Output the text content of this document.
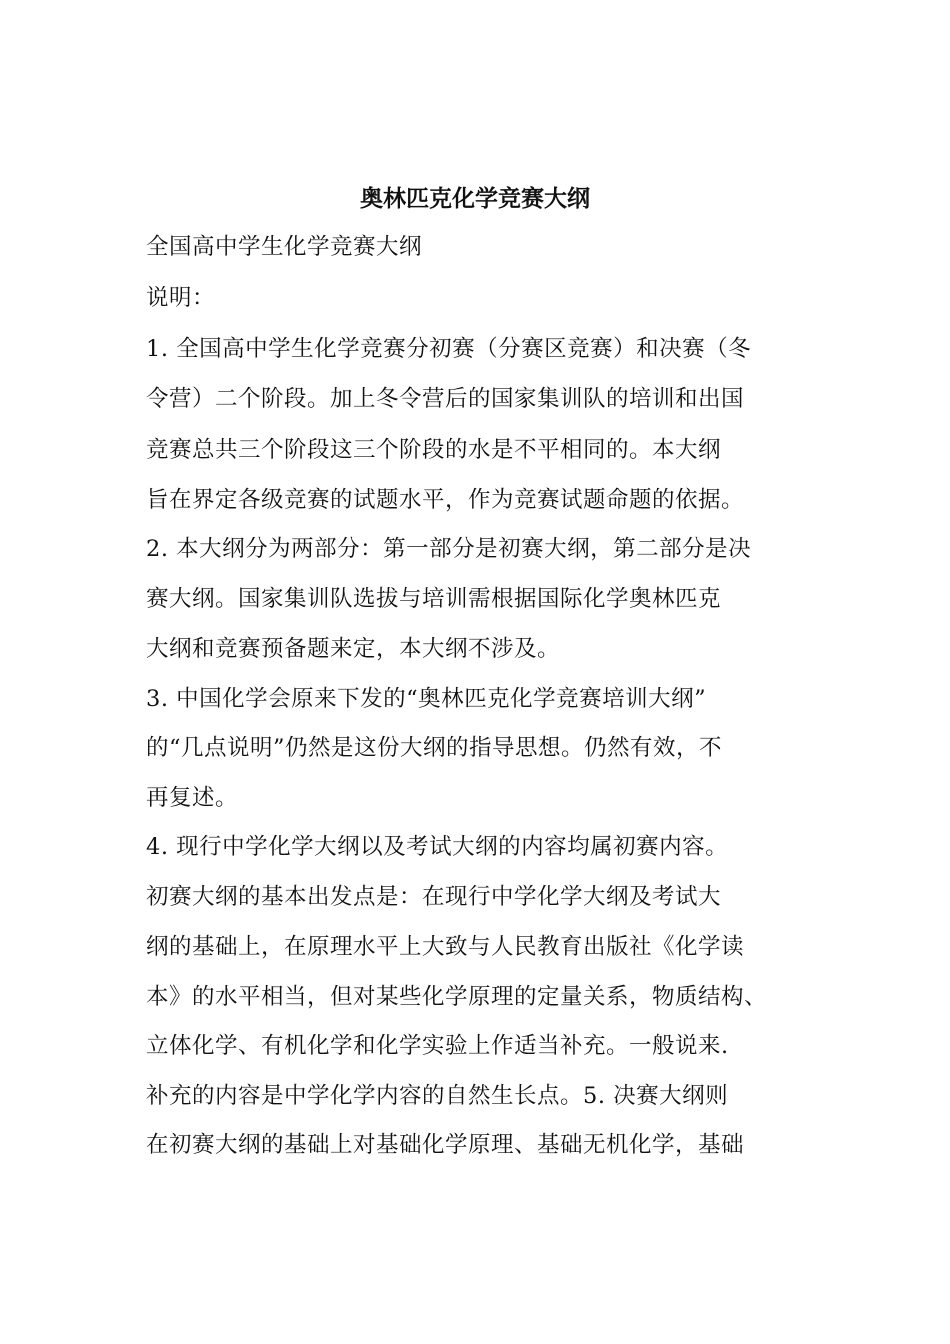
奥林匹克化学竞赛大纲
全国高中学生化学竞赛大纲
说明：
1. 全国高中学生化学竞赛分初赛（分赛区竞赛）和决赛（冬
令营）二个阶段。加上冬令营后的国家集训队的培训和出国
竞赛总共三个阶段这三个阶段的水是不平相同的。本大纲
旨在界定各级竞赛的试题水平，作为竞赛试题命题的依据。
2. 本大纲分为两部分：第一部分是初赛大纲，第二部分是决
赛大纲。国家集训队选拔与培训需根据国际化学奥林匹克
大纲和竞赛预备题来定，本大纲不涉及。
3. 中国化学会原来下发的“奥林匹克化学竞赛培训大纲”
的“几点说明”仍然是这份大纲的指导思想。仍然有效，不
再复述。
4. 现行中学化学大纲以及考试大纲的内容均属初赛内容。
初赛大纲的基本出发点是：在现行中学化学大纲及考试大
纲的基础上，在原理水平上大致与人民教育出版社《化学读
本》的水平相当，但对某些化学原理的定量关系，物质结构、
立体化学、有机化学和化学实验上作适当补充。一般说来.
补充的内容是中学化学内容的自然生长点。5. 决赛大纲则
在初赛大纲的基础上对基础化学原理、基础无机化学，基础
